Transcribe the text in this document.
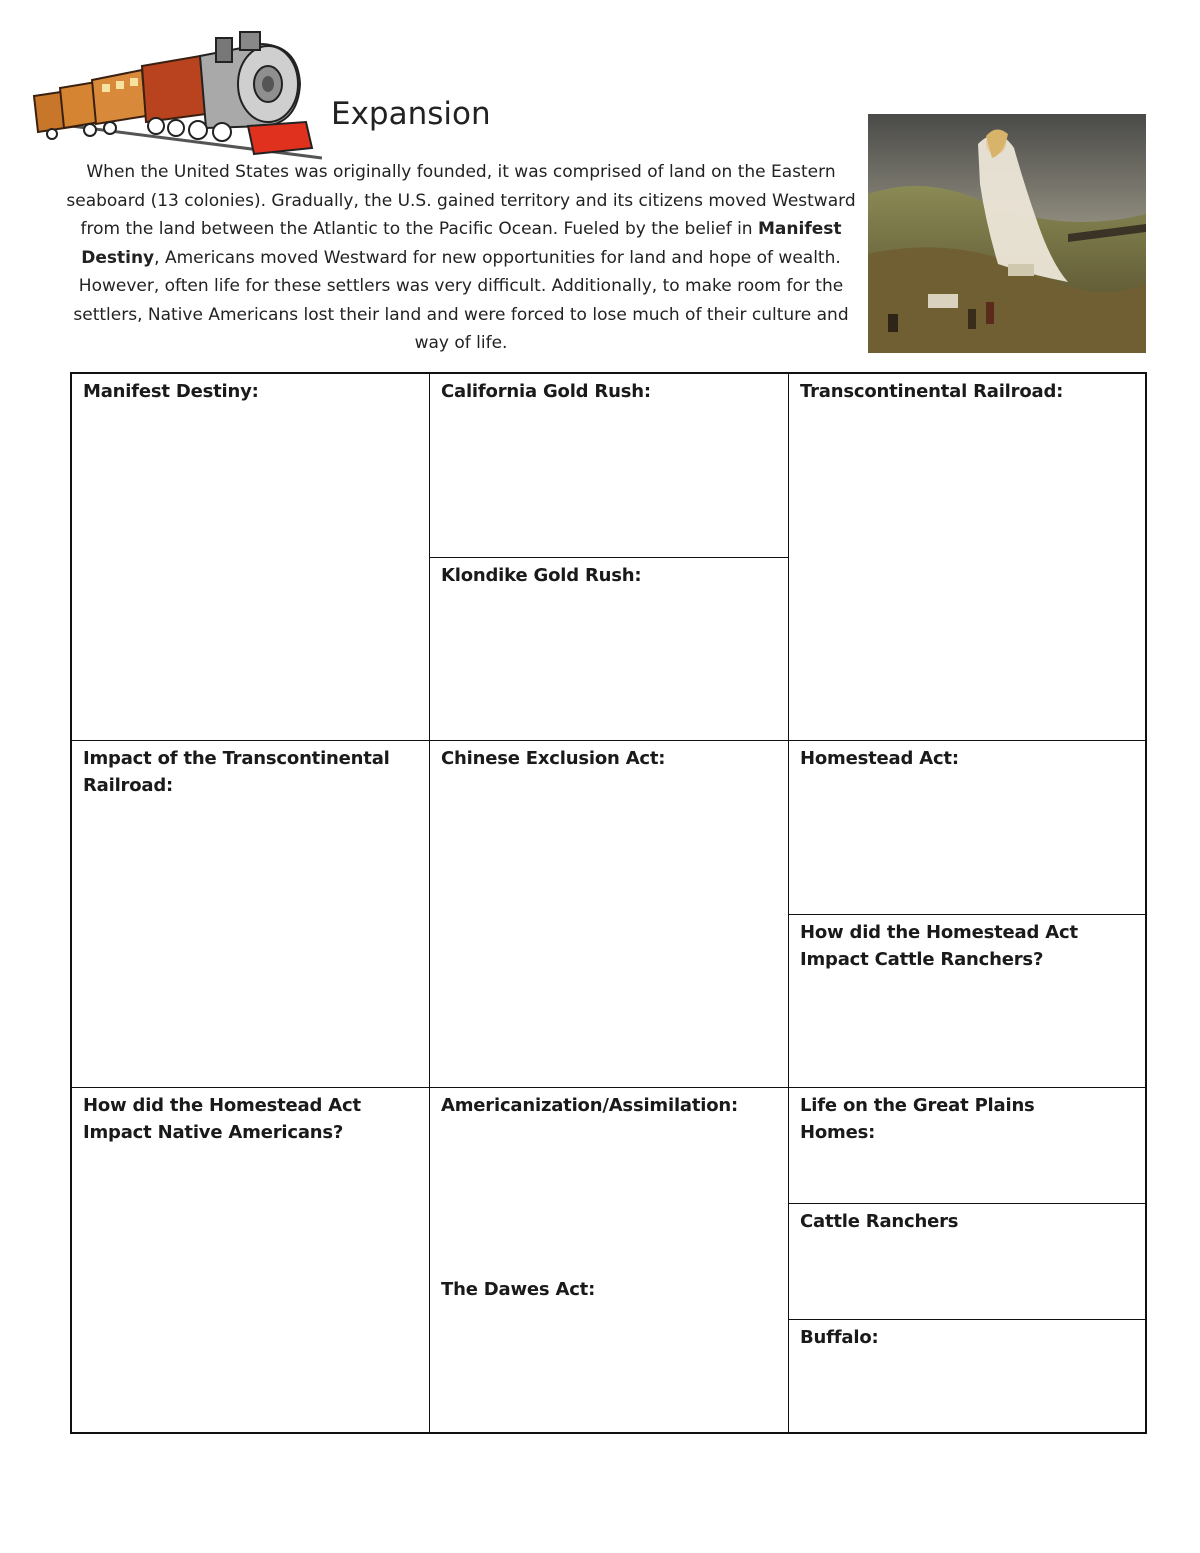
Expansion

When the United States was originally founded, it was comprised of land on the Eastern seaboard (13 colonies). Gradually, the U.S. gained territory and its citizens moved Westward from the land between the Atlantic to the Pacific Ocean. Fueled by the belief in Manifest Destiny, Americans moved Westward for new opportunities for land and hope of wealth. However, often life for these settlers was very difficult. Additionally, to make room for the settlers, Native Americans lost their land and were forced to lose much of their culture and way of life.

Manifest Destiny:	California Gold Rush:
Klondike Gold Rush:
Transcontinental Railroad:
Impact of the Transcontinental Railroad:
Chinese Exclusion Act:	Homestead Act:
How did the Homestead Act Impact Cattle Ranchers?
How did the Homestead Act Impact Native Americans?
Americanization/Assimilation:
The Dawes Act:
Life on the Great Plains
Homes:
Cattle Ranchers
Buffalo:
